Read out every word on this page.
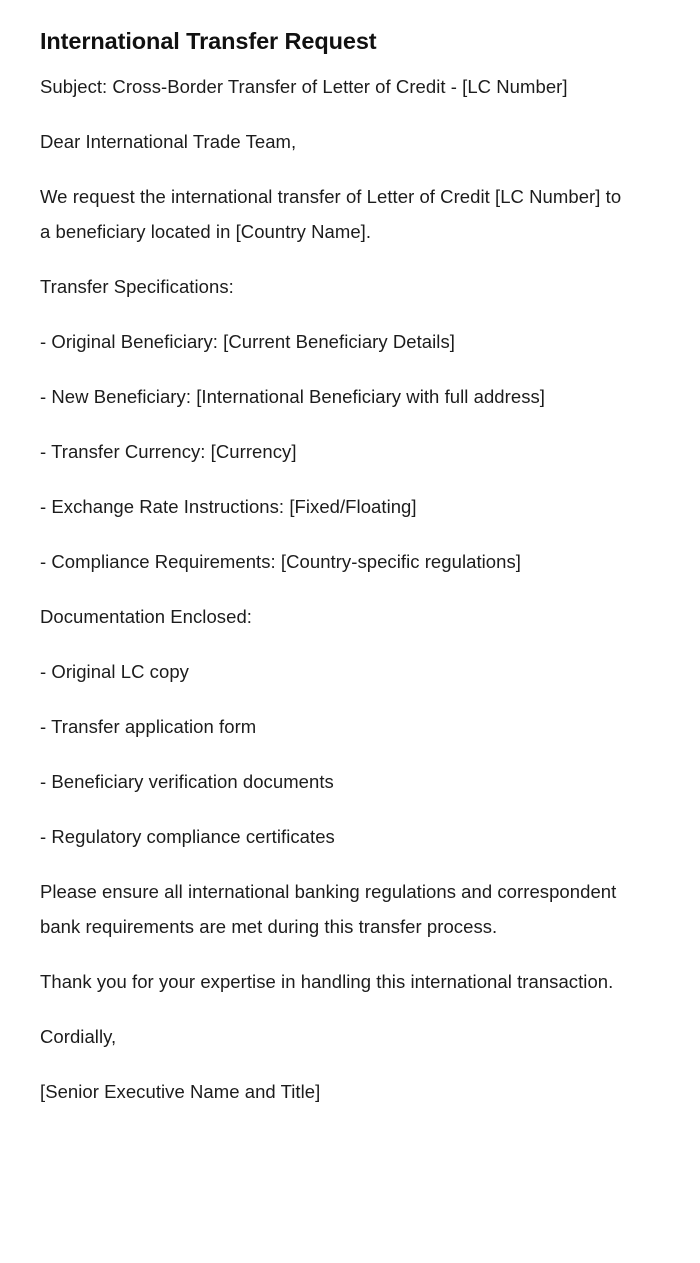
International Transfer Request

Subject: Cross-Border Transfer of Letter of Credit - [LC Number]

Dear International Trade Team,

We request the international transfer of Letter of Credit [LC Number] to a beneficiary located in [Country Name].

Transfer Specifications:

- Original Beneficiary: [Current Beneficiary Details]

- New Beneficiary: [International Beneficiary with full address]

- Transfer Currency: [Currency]

- Exchange Rate Instructions: [Fixed/Floating]

- Compliance Requirements: [Country-specific regulations]

Documentation Enclosed:

- Original LC copy

- Transfer application form

- Beneficiary verification documents

- Regulatory compliance certificates

Please ensure all international banking regulations and correspondent bank requirements are met during this transfer process.

Thank you for your expertise in handling this international transaction.

Cordially,

[Senior Executive Name and Title]
